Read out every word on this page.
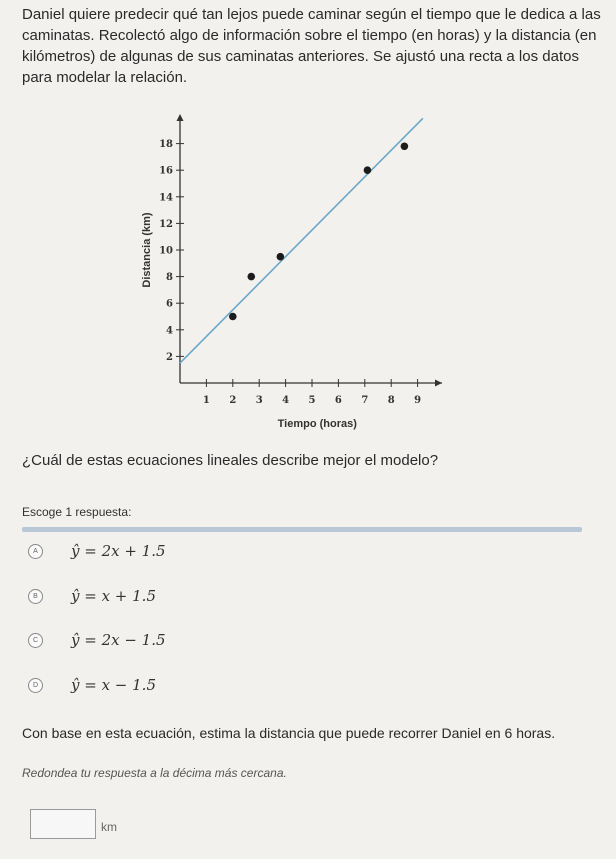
Daniel quiere predecir qué tan lejos puede caminar según el tiempo que le dedica a las caminatas. Recolectó algo de información sobre el tiempo (en horas) y la distancia (en kilómetros) de algunas de sus caminatas anteriores. Se ajustó una recta a los datos para modelar la relación.

1 2 3 4 5 6 7 8 9
2
4
6
8
10
12
14
16
18
Tiempo (horas)
Distancia (km)

¿Cuál de estas ecuaciones lineales describe mejor el modelo?

Escoge 1 respuesta:
A	ŷ = 2x + 1.5
B	ŷ = x + 1.5
C	ŷ = 2x − 1.5
D	ŷ = x − 1.5

Con base en esta ecuación, estima la distancia que puede recorrer Daniel en 6 horas.

Redondea tu respuesta a la décima más cercana.
km
